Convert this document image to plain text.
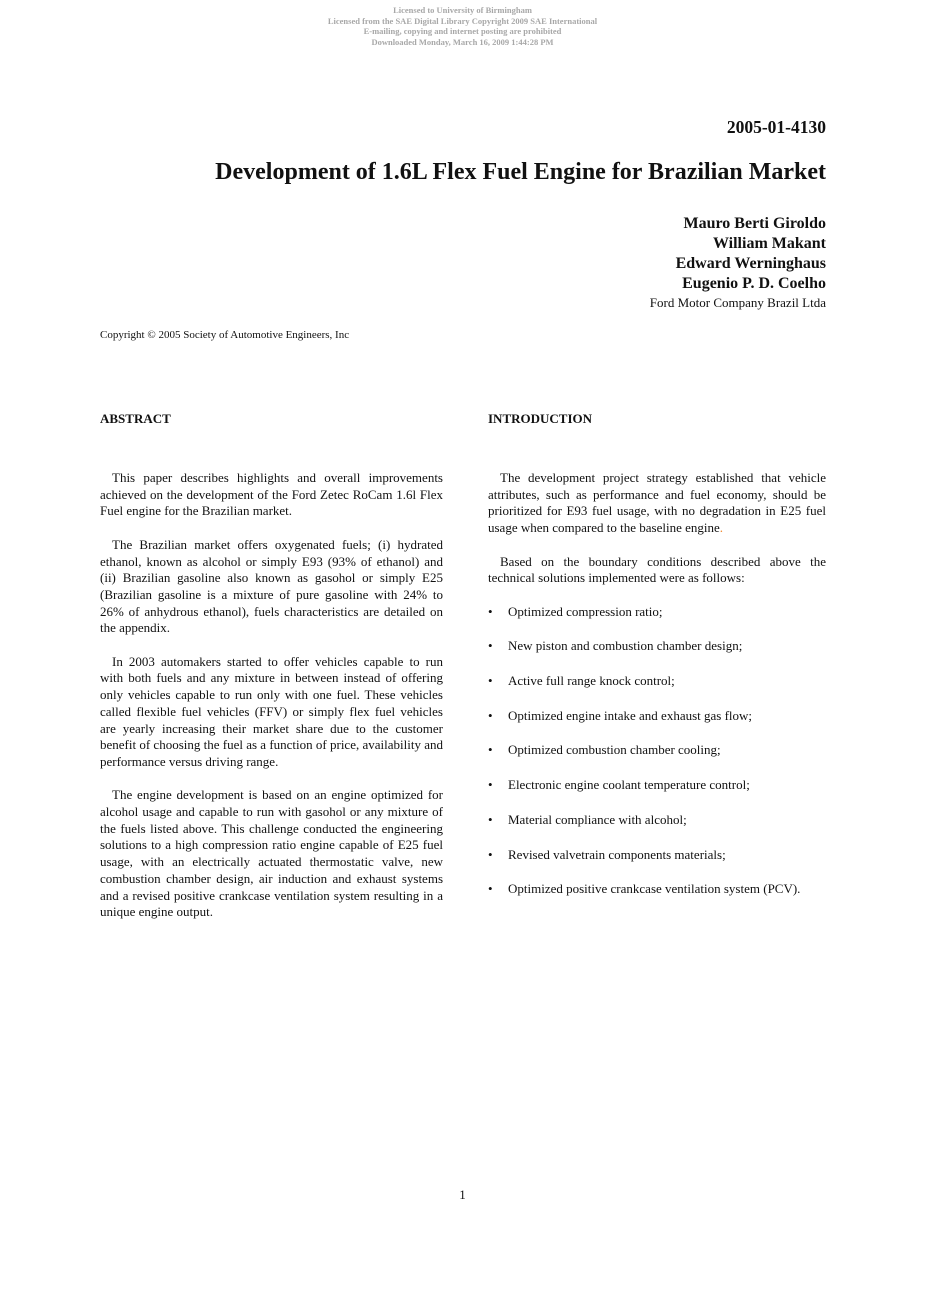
Licensed to University of Birmingham
Licensed from the SAE Digital Library Copyright 2009 SAE International
E-mailing, copying and internet posting are prohibited
Downloaded Monday, March 16, 2009 1:44:28 PM
2005-01-4130
Development of 1.6L Flex Fuel Engine for Brazilian Market
Mauro Berti Giroldo
William Makant
Edward Werninghaus
Eugenio P. D. Coelho
Ford Motor Company Brazil Ltda
Copyright © 2005 Society of Automotive Engineers, Inc
ABSTRACT	INTRODUCTION

This paper describes highlights and overall improvements achieved on the development of the Ford Zetec RoCam 1.6l Flex Fuel engine for the Brazilian market.

The Brazilian market offers oxygenated fuels; (i) hydrated ethanol, known as alcohol or simply E93 (93% of ethanol) and (ii) Brazilian gasoline also known as gasohol or simply E25 (Brazilian gasoline is a mixture of pure gasoline with 24% to 26% of anhydrous ethanol), fuels characteristics are detailed on the appendix.

In 2003 automakers started to offer vehicles capable to run with both fuels and any mixture in between instead of offering only vehicles capable to run only with one fuel. These vehicles called flexible fuel vehicles (FFV) or simply flex fuel vehicles are yearly increasing their market share due to the customer benefit of choosing the fuel as a function of price, availability and performance versus driving range.

The engine development is based on an engine optimized for alcohol usage and capable to run with gasohol or any mixture of the fuels listed above. This challenge conducted the engineering solutions to a high compression ratio engine capable of E25 fuel usage, with an electrically actuated thermostatic valve, new combustion chamber design, air induction and exhaust systems and a revised positive crankcase ventilation system resulting in a unique engine output.

The development project strategy established that vehicle attributes, such as performance and fuel economy, should be prioritized for E93 fuel usage, with no degradation in E25 fuel usage when compared to the baseline engine.

Based on the boundary conditions described above the technical solutions implemented were as follows:

• Optimized compression ratio;
• New piston and combustion chamber design;
• Active full range knock control;
• Optimized engine intake and exhaust gas flow;
• Optimized combustion chamber cooling;
• Electronic engine coolant temperature control;
• Material compliance with alcohol;
• Revised valvetrain components materials;
• Optimized positive crankcase ventilation system (PCV).
1
